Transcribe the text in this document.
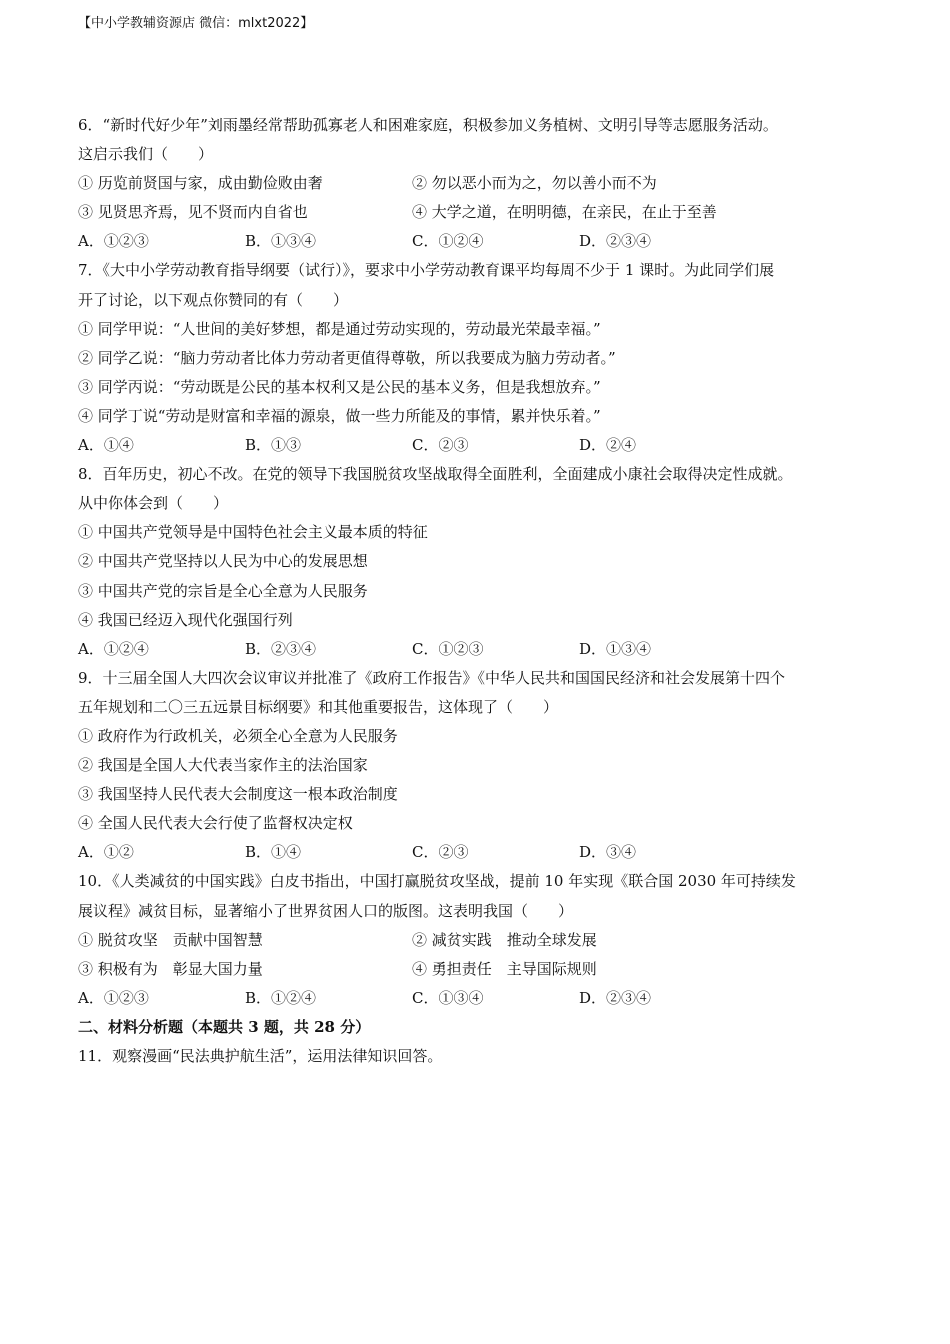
【中小学教辅资源店 微信：mlxt2022】
6．“新时代好少年”刘雨墨经常帮助孤寡老人和困难家庭，积极参加义务植树、文明引导等志愿服务活动。
这启示我们（　　）
① 历览前贤国与家，成由勤俭败由奢	② 勿以恶小而为之，勿以善小而不为
③ 见贤思齐焉，见不贤而内自省也	④ 大学之道，在明明德，在亲民，在止于至善
A．①②③	B．①③④	C．①②④	D．②③④
7．《大中小学劳动教育指导纲要（试行）》，要求中小学劳动教育课平均每周不少于 1 课时。为此同学们展
开了讨论，以下观点你赞同的有（　　）
① 同学甲说：“人世间的美好梦想，都是通过劳动实现的，劳动最光荣最幸福。”
② 同学乙说：“脑力劳动者比体力劳动者更值得尊敬，所以我要成为脑力劳动者。”
③ 同学丙说：“劳动既是公民的基本权利又是公民的基本义务，但是我想放弃。”
④ 同学丁说“劳动是财富和幸福的源泉，做一些力所能及的事情，累并快乐着。”
A．①④	B．①③	C．②③	D．②④
8．百年历史，初心不改。在党的领导下我国脱贫攻坚战取得全面胜利，全面建成小康社会取得决定性成就。
从中你体会到（　　）
① 中国共产党领导是中国特色社会主义最本质的特征
② 中国共产党坚持以人民为中心的发展思想
③ 中国共产党的宗旨是全心全意为人民服务
④ 我国已经迈入现代化强国行列
A．①②④	B．②③④	C．①②③	D．①③④
9．十三届全国人大四次会议审议并批准了《政府工作报告》《中华人民共和国国民经济和社会发展第十四个
五年规划和二〇三五远景目标纲要》和其他重要报告，这体现了（　　）
① 政府作为行政机关，必须全心全意为人民服务
② 我国是全国人大代表当家作主的法治国家
③ 我国坚持人民代表大会制度这一根本政治制度
④ 全国人民代表大会行使了监督权决定权
A．①②	B．①④	C．②③	D．③④
10．《人类减贫的中国实践》白皮书指出，中国打赢脱贫攻坚战，提前 10 年实现《联合国 2030 年可持续发
展议程》减贫目标，显著缩小了世界贫困人口的版图。这表明我国（　　）
① 脱贫攻坚　贡献中国智慧	② 减贫实践　推动全球发展
③ 积极有为　彰显大国力量	④ 勇担责任　主导国际规则
A．①②③	B．①②④	C．①③④	D．②③④
二、材料分析题（本题共 3 题，共 28 分）
11．观察漫画“民法典护航生活”，运用法律知识回答。
